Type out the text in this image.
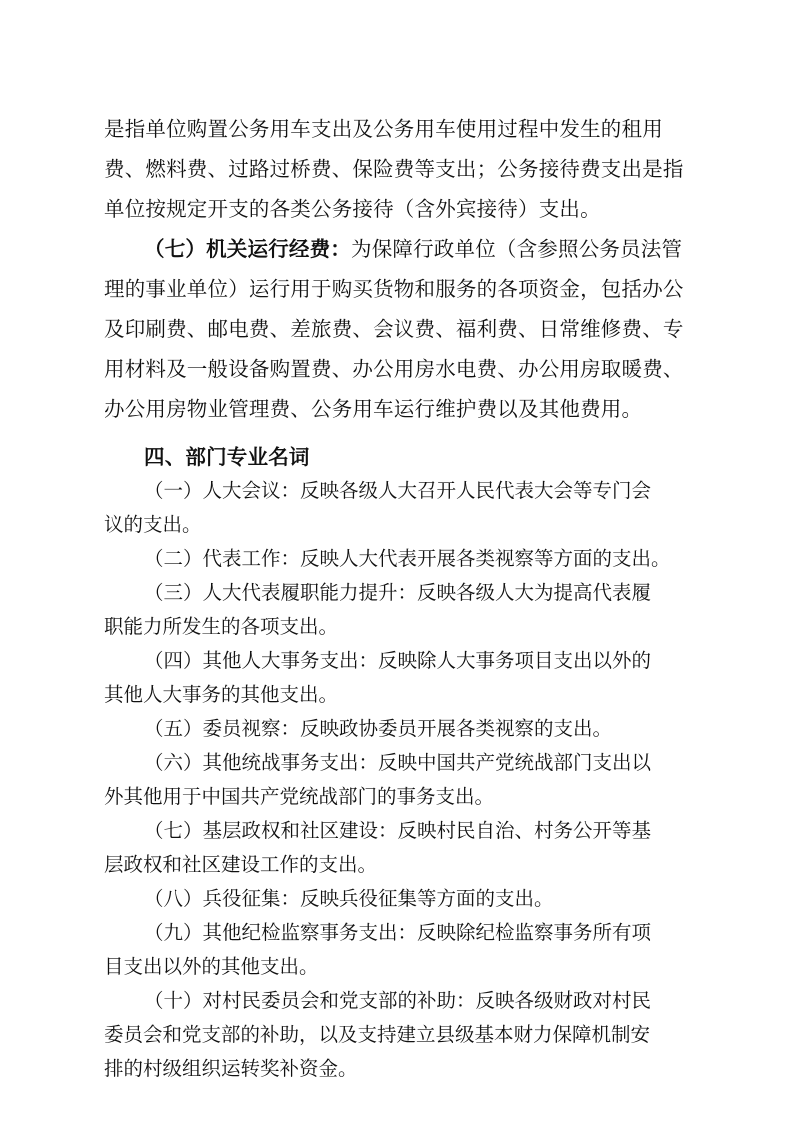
是指单位购置公务用车支出及公务用车使用过程中发生的租用
费、燃料费、过路过桥费、保险费等支出；公务接待费支出是指
单位按规定开支的各类公务接待（含外宾接待）支出。
（七）机关运行经费：为保障行政单位（含参照公务员法管
理的事业单位）运行用于购买货物和服务的各项资金，包括办公
及印刷费、邮电费、差旅费、会议费、福利费、日常维修费、专
用材料及一般设备购置费、办公用房水电费、办公用房取暖费、
办公用房物业管理费、公务用车运行维护费以及其他费用。
四、部门专业名词
（一）人大会议：反映各级人大召开人民代表大会等专门会
议的支出。
（二）代表工作：反映人大代表开展各类视察等方面的支出。
（三）人大代表履职能力提升：反映各级人大为提高代表履
职能力所发生的各项支出。
（四）其他人大事务支出：反映除人大事务项目支出以外的
其他人大事务的其他支出。
（五）委员视察：反映政协委员开展各类视察的支出。
（六）其他统战事务支出：反映中国共产党统战部门支出以
外其他用于中国共产党统战部门的事务支出。
（七）基层政权和社区建设：反映村民自治、村务公开等基
层政权和社区建设工作的支出。
（八）兵役征集：反映兵役征集等方面的支出。
（九）其他纪检监察事务支出：反映除纪检监察事务所有项
目支出以外的其他支出。
（十）对村民委员会和党支部的补助：反映各级财政对村民
委员会和党支部的补助，以及支持建立县级基本财力保障机制安
排的村级组织运转奖补资金。
